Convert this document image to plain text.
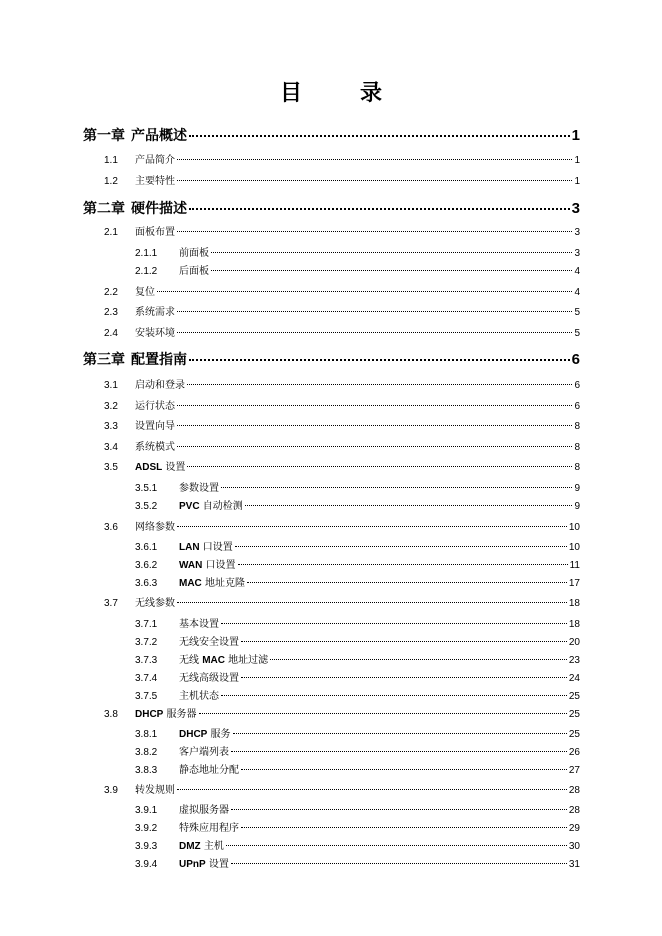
目　录
第一章 产品概述	1
1.1	产品简介	1
1.2	主要特性	1
第二章 硬件描述	3
2.1	面板布置	3
2.1.1	前面板	3
2.1.2	后面板	4
2.2	复位	4
2.3	系统需求	5
2.4	安装环境	5
第三章 配置指南	6
3.1	启动和登录	6
3.2	运行状态	6
3.3	设置向导	8
3.4	系统模式	8
3.5	ADSL 设置	8
3.5.1	参数设置	9
3.5.2	PVC 自动检测	9
3.6	网络参数	10
3.6.1	LAN 口设置	10
3.6.2	WAN 口设置	11
3.6.3	MAC 地址克隆	17
3.7	无线参数	18
3.7.1	基本设置	18
3.7.2	无线安全设置	20
3.7.3	无线 MAC 地址过滤	23
3.7.4	无线高级设置	24
3.7.5	主机状态	25
3.8	DHCP 服务器	25
3.8.1	DHCP 服务	25
3.8.2	客户端列表	26
3.8.3	静态地址分配	27
3.9	转发规则	28
3.9.1	虚拟服务器	28
3.9.2	特殊应用程序	29
3.9.3	DMZ 主机	30
3.9.4	UPnP 设置	31
